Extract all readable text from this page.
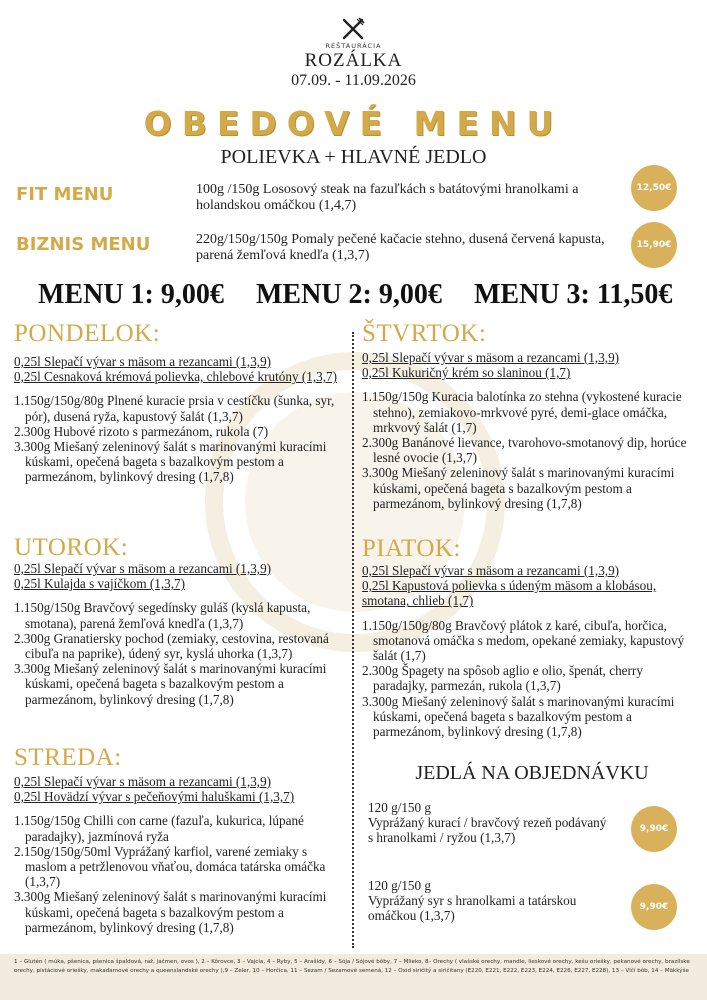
REŠTAURÁCIA
ROZÁLKA
07.09. - 11.09.2026
OBEDOVÉ MENU
POLIEVKA + HLAVNÉ JEDLO
FIT MENU	100g /150g Lososový steak na fazuľkách s batátovými hranolkami a holandskou omáčkou (1,4,7)
12,50€
BIZNIS MENU	220g/150g/150g Pomaly pečené kačacie stehno, dusená červená kapusta, parená žemľová knedľa (1,3,7)
15,90€
MENU 1: 9,00€ MENU 2: 9,00€ MENU 3: 11,50€
PONDELOK:
0,25l Slepačí vývar s mäsom a rezancami (1,3,9)
0,25l Cesnaková krémová polievka, chlebové krutóny (1,3,7)
1.150g/150g/80g Plnené kuracie prsia v cestíčku (šunka, syr, pór), dusená ryža, kapustový šalát (1,3,7)
2.300g Hubové rizoto s parmezánom, rukola (7)
3.300g Miešaný zeleninový šalát s marinovanými kuracími kúskami, opečená bageta s bazalkovým pestom a parmezánom, bylinkový dresing (1,7,8)
UTOROK:
0,25l Slepačí vývar s mäsom a rezancami (1,3,9)
0,25l Kulajda s vajíčkom (1,3,7)
1.150g/150g Bravčový segedínsky guláš (kyslá kapusta, smotana), parená žemľová knedľa (1,3,7)
2.300g Granatiersky pochod (zemiaky, cestovina, restovaná cibuľa na paprike), údený syr, kyslá uhorka (1,3,7)
3.300g Miešaný zeleninový šalát s marinovanými kuracími kúskami, opečená bageta s bazalkovým pestom a parmezánom, bylinkový dresing (1,7,8)
STREDA:
0,25l Slepačí vývar s mäsom a rezancami (1,3,9)
0,25l Hovädzí vývar s pečeňovými haluškami (1,3,7)
1.150g/150g Chilli con carne (fazuľa, kukurica, lúpané paradajky), jazmínová ryža
2.150g/150g/50ml Vyprážaný karfiol, varené zemiaky s maslom a petržlenovou vňaťou, domáca tatárska omáčka (1,3,7)
3.300g Miešaný zeleninový šalát s marinovanými kuracími kúskami, opečená bageta s bazalkovým pestom a parmezánom, bylinkový dresing (1,7,8)
ŠTVRTOK:
0,25l Slepačí vývar s mäsom a rezancami (1,3,9)
0,25l Kukuričný krém so slaninou (1,7)
1.150g/150g Kuracia balotínka zo stehna (vykostené kuracie stehno), zemiakovo-mrkvové pyré, demi-glace omáčka, mrkvový šalát (1,7)
2.300g Banánové lievance, tvarohovo-smotanový dip, horúce lesné ovocie (1,3,7)
3.300g Miešaný zeleninový šalát s marinovanými kuracími kúskami, opečená bageta s bazalkovým pestom a parmezánom, bylinkový dresing (1,7,8)
PIATOK:
0,25l Slepačí vývar s mäsom a rezancami (1,3,9)
0,25l Kapustová polievka s údeným mäsom a klobásou, smotana, chlieb (1,7)
1.150g/150g/80g Bravčový plátok z karé, cibuľa, horčica, smotanová omáčka s medom, opekané zemiaky, kapustový šalát (1,7)
2.300g Špagety na spôsob aglio e olio, špenát, cherry paradajky, parmezán, rukola (1,3,7)
3.300g Miešaný zeleninový šalát s marinovanými kuracími kúskami, opečená bageta s bazalkovým pestom a parmezánom, bylinkový dresing (1,7,8)
JEDLÁ NA OBJEDNÁVKU
120 g/150 g
Vyprážaný kurací / bravčový rezeň podávaný s hranolkami / ryžou (1,3,7)
9,90€
120 g/150 g
Vyprážaný syr s hranolkami a tatárskou omáčkou (1,3,7)
9,90€
1 – Glutén ( múka, pšenica, pšenica špaldová, raž, jačmen, ovos ), 2 – Kôrovce, 3 – Vajcia, 4 – Ryby, 5 – Arašidy, 6 – Sója / Sójové bôby, 7 – Mlieko, 8– Orechy ( vlašské orechy, mandle, lieskové orechy, kešu oriešky, pekanové orechy, brazílske orechy, pistáciové oriešky, makadamové orechy a queenslandské orechy ),9 – Zeler, 10 – Horčica, 11 – Sezam / Sezamové semená, 12 – Oxid siričitý a siričitany (E220, E221, E222, E223, E224, E226, E227, E228), 13 – Vlčí bôb, 14 – Mäkkýše
